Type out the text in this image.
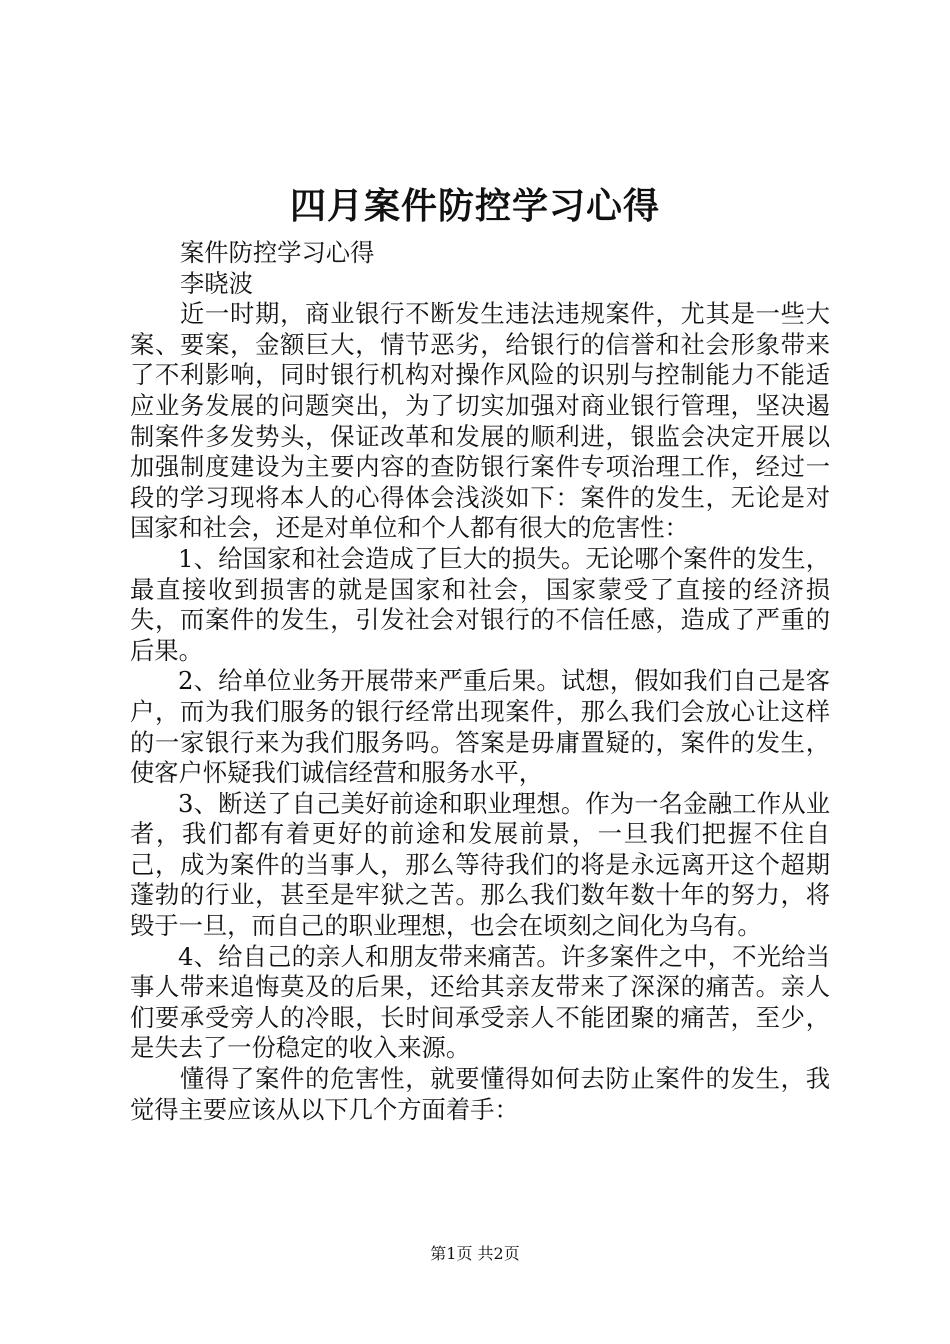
四月案件防控学习心得

案件防控学习心得

李晓波

近一时期，商业银行不断发生违法违规案件，尤其是一些大案、要案，金额巨大，情节恶劣，给银行的信誉和社会形象带来了不利影响，同时银行机构对操作风险的识别与控制能力不能适应业务发展的问题突出，为了切实加强对商业银行管理，坚决遏制案件多发势头，保证改革和发展的顺利进，银监会决定开展以加强制度建设为主要内容的查防银行案件专项治理工作，经过一段的学习现将本人的心得体会浅淡如下：案件的发生，无论是对国家和社会，还是对单位和个人都有很大的危害性：

1、给国家和社会造成了巨大的损失。无论哪个案件的发生，最直接收到损害的就是国家和社会，国家蒙受了直接的经济损失，而案件的发生，引发社会对银行的不信任感，造成了严重的后果。

2、给单位业务开展带来严重后果。试想，假如我们自己是客户，而为我们服务的银行经常出现案件，那么我们会放心让这样的一家银行来为我们服务吗。答案是毋庸置疑的，案件的发生，使客户怀疑我们诚信经营和服务水平，

3、断送了自己美好前途和职业理想。作为一名金融工作从业者，我们都有着更好的前途和发展前景，一旦我们把握不住自己，成为案件的当事人，那么等待我们的将是永远离开这个超期蓬勃的行业，甚至是牢狱之苦。那么我们数年数十年的努力，将毁于一旦，而自己的职业理想，也会在顷刻之间化为乌有。

4、给自己的亲人和朋友带来痛苦。许多案件之中，不光给当事人带来追悔莫及的后果，还给其亲友带来了深深的痛苦。亲人们要承受旁人的冷眼，长时间承受亲人不能团聚的痛苦，至少，是失去了一份稳定的收入来源。

懂得了案件的危害性，就要懂得如何去防止案件的发生，我觉得主要应该从以下几个方面着手：

第1页 共2页
